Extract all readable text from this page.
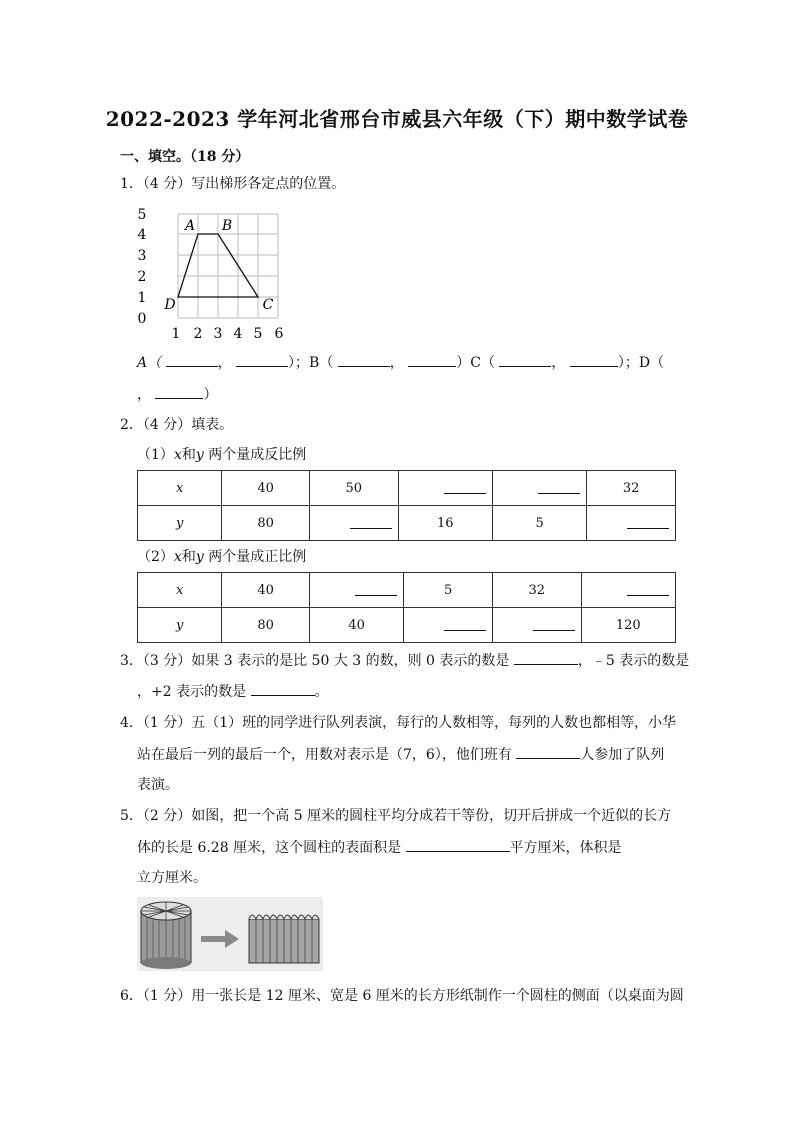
2022-2023 学年河北省邢台市威县六年级（下）期中数学试卷
一、填空。（18 分）
1．（4 分）写出梯形各定点的位置。
5
4
3
2
1
0
1 2 3 4 5 6
A B
C
D
A（	，	）；B（	，	）C（	，	）；D（
，	）
2．（4 分）填表。
（1）x和y 两个量成反比例
x	40	50			32
y	80		16	5	
（2）x和y 两个量成正比例
x	40		5	32	
y	80	40			120
3．（3 分）如果 3 表示的是比 50 大 3 的数，则 0 表示的数是	，﹣5 表示的数是
，+2 表示的数是	。
4．（1 分）五（1）班的同学进行队列表演，每行的人数相等，每列的人数也都相等，小华
站在最后一列的最后一个，用数对表示是（7，6），他们班有	人参加了队列
表演。
5．（2 分）如图，把一个高 5 厘米的圆柱平均分成若干等份，切开后拼成一个近似的长方
体的长是 6.28 厘米，这个圆柱的表面积是	平方厘米，体积是
立方厘米。
6．（1 分）用一张长是 12 厘米、宽是 6 厘米的长方形纸制作一个圆柱的侧面（以桌面为圆
